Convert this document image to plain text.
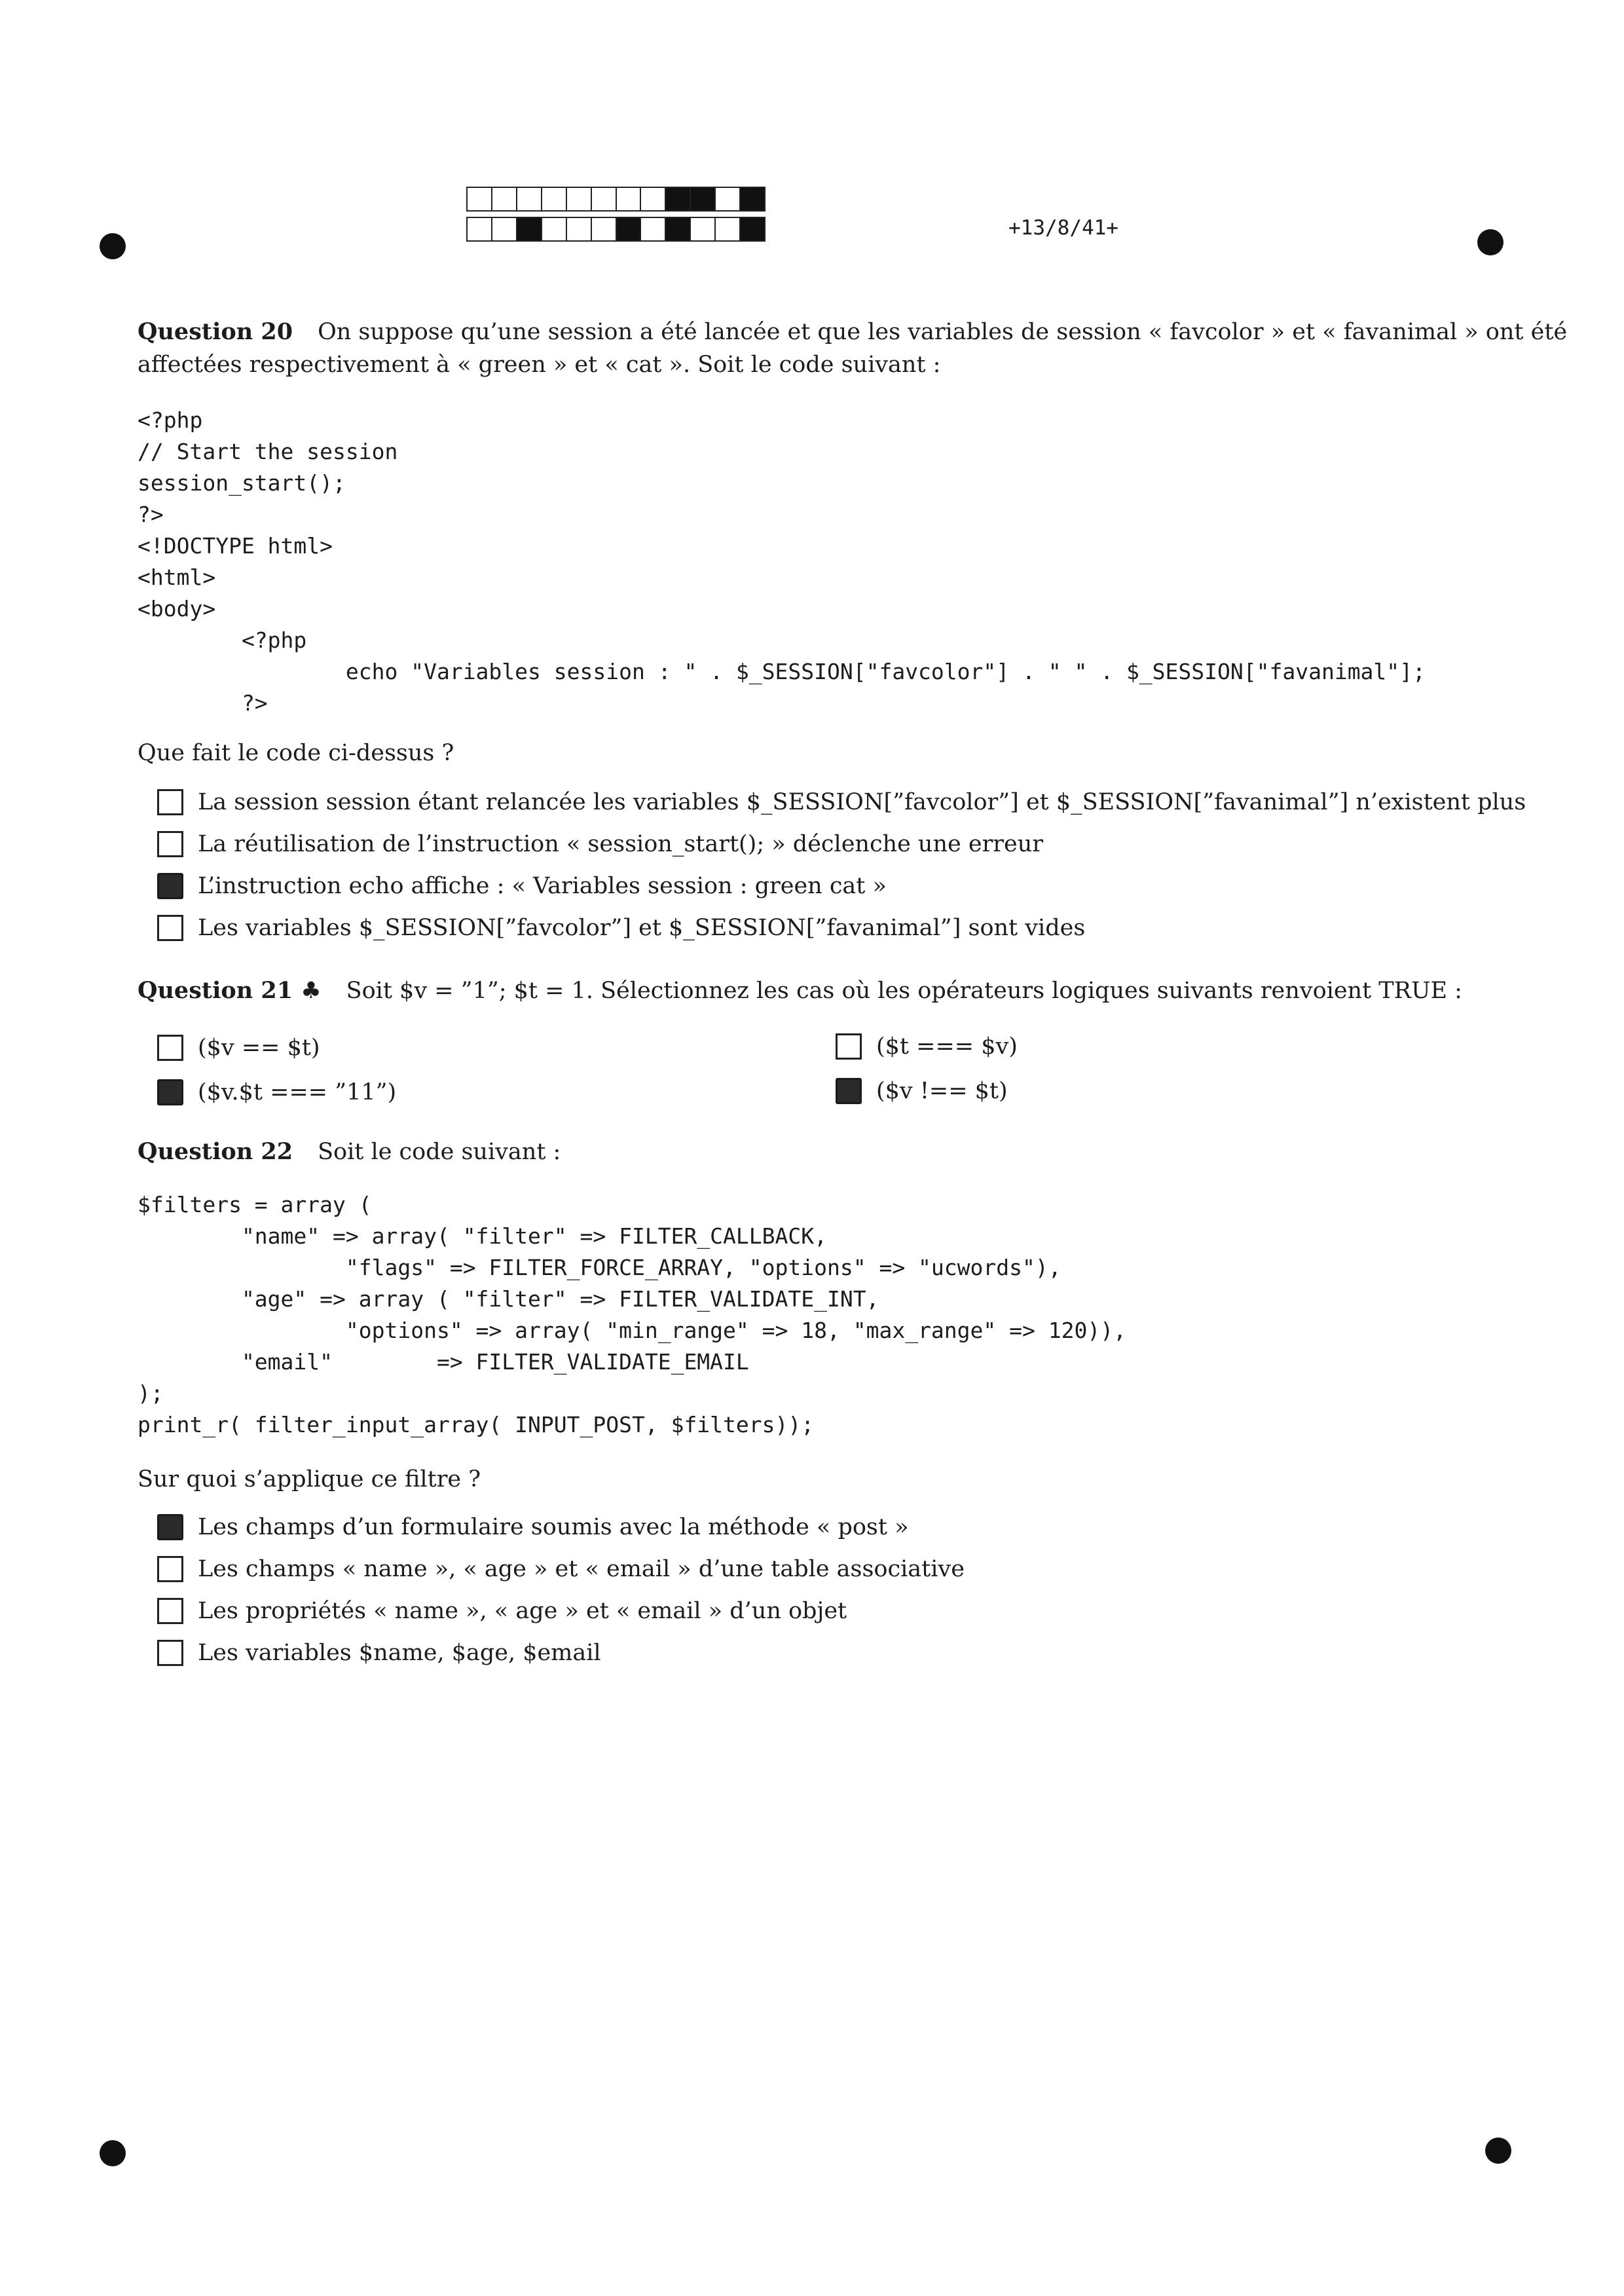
+13/8/41+
Question 20 On suppose qu’une session a été lancée et que les variables de session « favcolor » et « favanimal » ont été
affectées respectivement à « green » et « cat ». Soit le code suivant :
<?php
// Start the session
session_start();
?>
<!DOCTYPE html>
<html>
<body>
<?php
echo "Variables session : " . $_SESSION["favcolor"] . " " . $_SESSION["favanimal"];
?>
Que fait le code ci-dessus ?
La session session étant relancée les variables $_SESSION[”favcolor”] et $_SESSION[”favanimal”] n’existent plus
La réutilisation de l’instruction « session_start(); » déclenche une erreur
L’instruction echo affiche : « Variables session : green cat »
Les variables $_SESSION[”favcolor”] et $_SESSION[”favanimal”] sont vides
Question 21 ♣ Soit $v = ”1”; $t = 1. Sélectionnez les cas où les opérateurs logiques suivants renvoient TRUE :
($v == $t)	($t === $v)
($v.$t === ”11”)	($v !== $t)
Question 22 Soit le code suivant :
$filters = array (
"name" => array( "filter" => FILTER_CALLBACK,
"flags" => FILTER_FORCE_ARRAY, "options" => "ucwords"),
"age" => array ( "filter" => FILTER_VALIDATE_INT,
"options" => array( "min_range" => 18, "max_range" => 120)),
"email"        => FILTER_VALIDATE_EMAIL
);
print_r( filter_input_array( INPUT_POST, $filters));
Sur quoi s’applique ce filtre ?
Les champs d’un formulaire soumis avec la méthode « post »
Les champs « name », « age » et « email » d’une table associative
Les propriétés « name », « age » et « email » d’un objet
Les variables $name, $age, $email
